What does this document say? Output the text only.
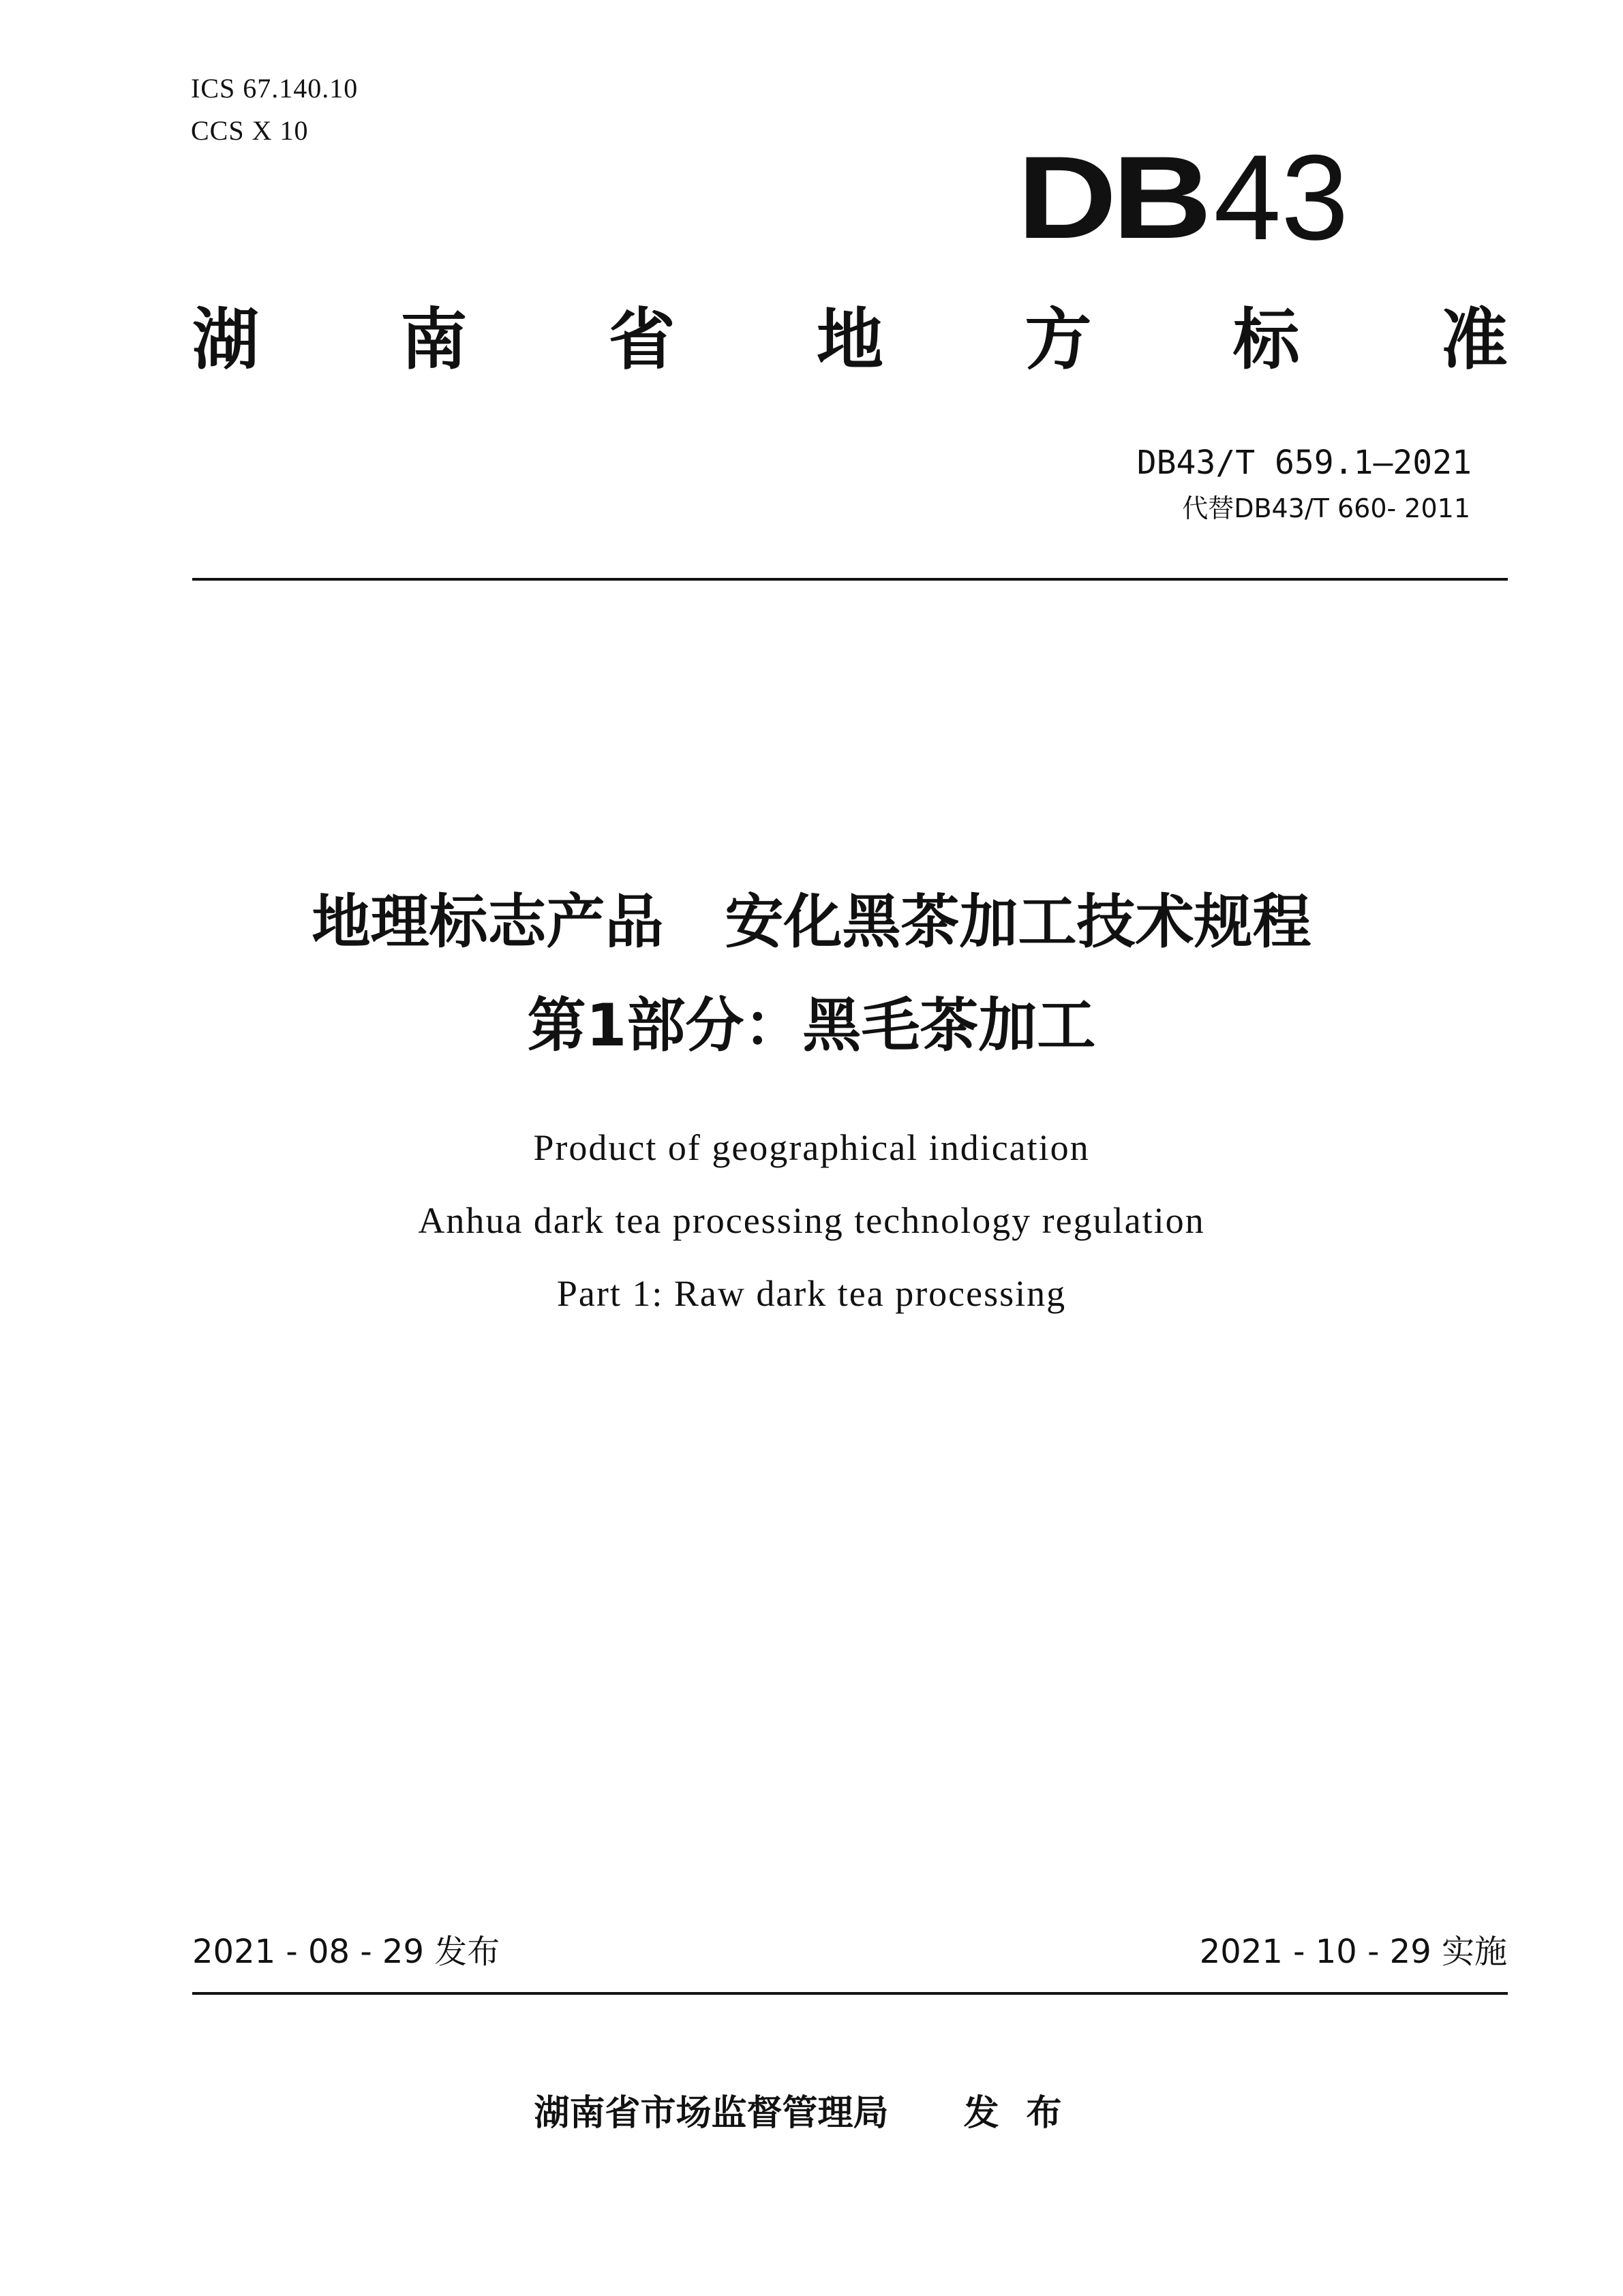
ICS 67.140.10
CCS X 10
DB 43
湖 南 省 地 方 标 准
DB43/T 659.1—2021
代替DB43/T 660- 2011
地理标志产品 安化黑茶加工技术规程
第1部分：黑毛茶加工
Product of geographical indication
Anhua dark tea processing technology regulation
Part 1: Raw dark tea processing
2021 - 08 - 29 发布	2021 - 10 - 29 实施
湖南省市场监督管理局 发布
